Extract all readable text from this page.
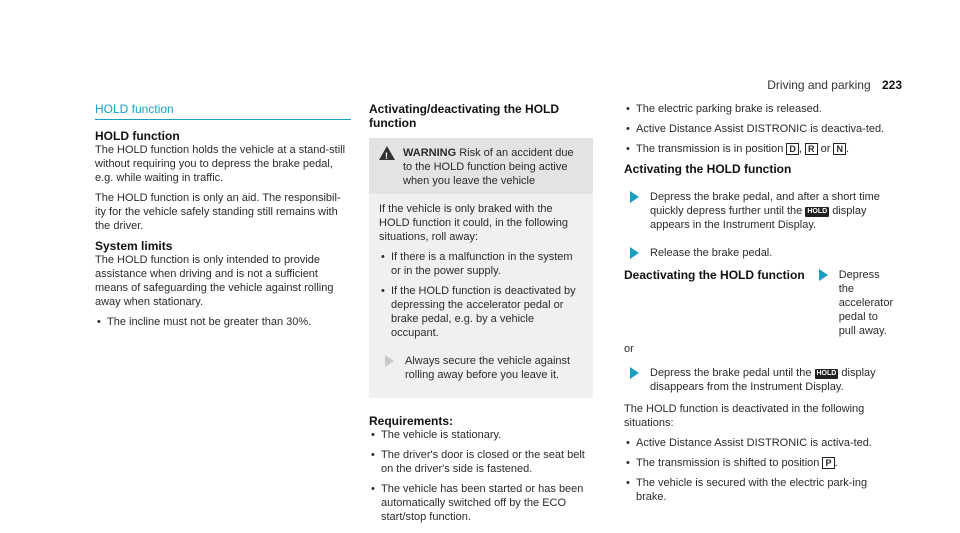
Driving and parking 223
HOLD function
HOLD function

The HOLD function holds the vehicle at a stand-still without requiring you to depress the brake pedal, e.g. while waiting in traffic.

The HOLD function is only an aid. The responsibil-ity for the vehicle safely standing still remains with the driver.

System limits

The HOLD function is only intended to provide assistance when driving and is not a sufficient means of safeguarding the vehicle against rolling away when stationary.

• The incline must not be greater than 30%.
Activating/deactivating the HOLD function
! WARNING Risk of an accident due to the HOLD function being active when you leave the vehicle

If the vehicle is only braked with the HOLD function it could, in the following situations, roll away:

• If there is a malfunction in the system or in the power supply.
• If the HOLD function is deactivated by depressing the accelerator pedal or brake pedal, e.g. by a vehicle occupant.
Always secure the vehicle against rolling away before you leave it.
Requirements:
• The vehicle is stationary.
• The driver's door is closed or the seat belt on the driver's side is fastened.
• The vehicle has been started or has been automatically switched off by the ECO start/stop function.
• The electric parking brake is released.
• Active Distance Assist DISTRONIC is deactiva-ted.
• The transmission is in position D , R or N .
Activating the HOLD function
Depress the brake pedal, and after a short time quickly depress further until the HOLD display appears in the Instrument Display.
Release the brake pedal.
Deactivating the HOLD function	Depress the accelerator pedal to pull away.
or
Depress the brake pedal until the HOLD display disappears from the Instrument Display.

The HOLD function is deactivated in the following situations:

• Active Distance Assist DISTRONIC is activa-ted.
• The transmission is shifted to position P .
• The vehicle is secured with the electric park-ing brake.
